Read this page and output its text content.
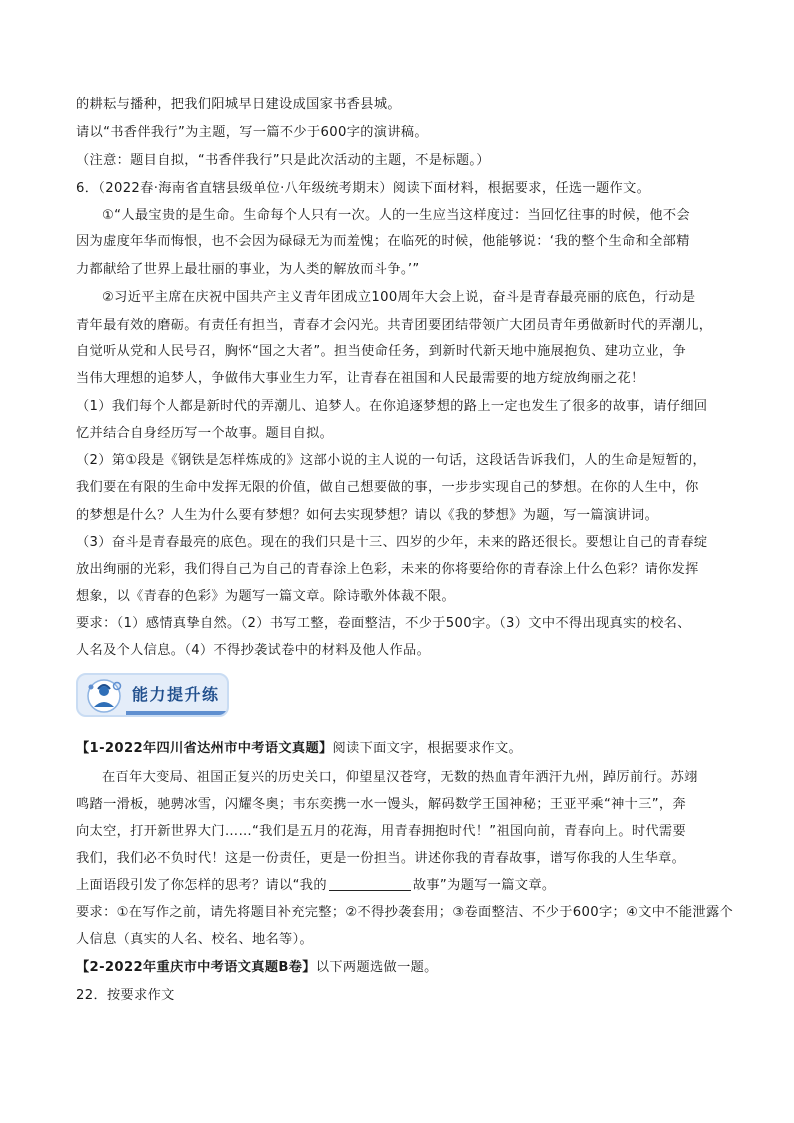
的耕耘与播种，把我们阳城早日建设成国家书香县城。
请以“书香伴我行”为主题，写一篇不少于600字的演讲稿。
（注意：题目自拟，“书香伴我行”只是此次活动的主题，不是标题。）
6．（2022春·海南省直辖县级单位·八年级统考期末）阅读下面材料，根据要求，任选一题作文。
①“人最宝贵的是生命。生命每个人只有一次。人的一生应当这样度过：当回忆往事的时候，他不会
因为虚度年华而悔恨，也不会因为碌碌无为而羞愧；在临死的时候，他能够说：‘我的整个生命和全部精
力都献给了世界上最壮丽的事业，为人类的解放而斗争。’”
②习近平主席在庆祝中国共产主义青年团成立100周年大会上说，奋斗是青春最亮丽的底色，行动是
青年最有效的磨砺。有责任有担当，青春才会闪光。共青团要团结带领广大团员青年勇做新时代的弄潮儿，
自觉听从党和人民号召，胸怀“国之大者”。担当使命任务，到新时代新天地中施展抱负、建功立业，争
当伟大理想的追梦人，争做伟大事业生力军，让青春在祖国和人民最需要的地方绽放绚丽之花！
（1）我们每个人都是新时代的弄潮儿、追梦人。在你追逐梦想的路上一定也发生了很多的故事，请仔细回
忆并结合自身经历写一个故事。题目自拟。
（2）第①段是《钢铁是怎样炼成的》这部小说的主人说的一句话，这段话告诉我们，人的生命是短暂的，
我们要在有限的生命中发挥无限的价值，做自己想要做的事，一步步实现自己的梦想。在你的人生中，你
的梦想是什么？人生为什么要有梦想？如何去实现梦想？请以《我的梦想》为题，写一篇演讲词。
（3）奋斗是青春最亮的底色。现在的我们只是十三、四岁的少年，未来的路还很长。要想让自己的青春绽
放出绚丽的光彩，我们得自己为自己的青春涂上色彩，未来的你将要给你的青春涂上什么色彩？请你发挥
想象，以《青春的色彩》为题写一篇文章。除诗歌外体裁不限。
要求：（1）感情真挚自然。（2）书写工整，卷面整洁，不少于500字。（3）文中不得出现真实的校名、
人名及个人信息。（4）不得抄袭试卷中的材料及他人作品。
能力提升练
【1-2022年四川省达州市中考语文真题】阅读下面文字，根据要求作文。
在百年大变局、祖国正复兴的历史关口，仰望星汉苍穹，无数的热血青年洒汗九州，踔厉前行。苏翊
鸣踏一滑板，驰骋冰雪，闪耀冬奥；韦东奕携一水一馒头，解码数学王国神秘；王亚平乘“神十三”，奔
向太空，打开新世界大门……“我们是五月的花海，用青春拥抱时代！”祖国向前，青春向上。时代需要
我们，我们必不负时代！这是一份责任，更是一份担当。讲述你我的青春故事，谱写你我的人生华章。
上面语段引发了你怎样的思考？请以“我的	故事”为题写一篇文章。
要求：①在写作之前，请先将题目补充完整；②不得抄袭套用；③卷面整洁、不少于600字；④文中不能泄露个
人信息（真实的人名、校名、地名等）。
【2-2022年重庆市中考语文真题B卷】以下两题选做一题。
22．按要求作文
